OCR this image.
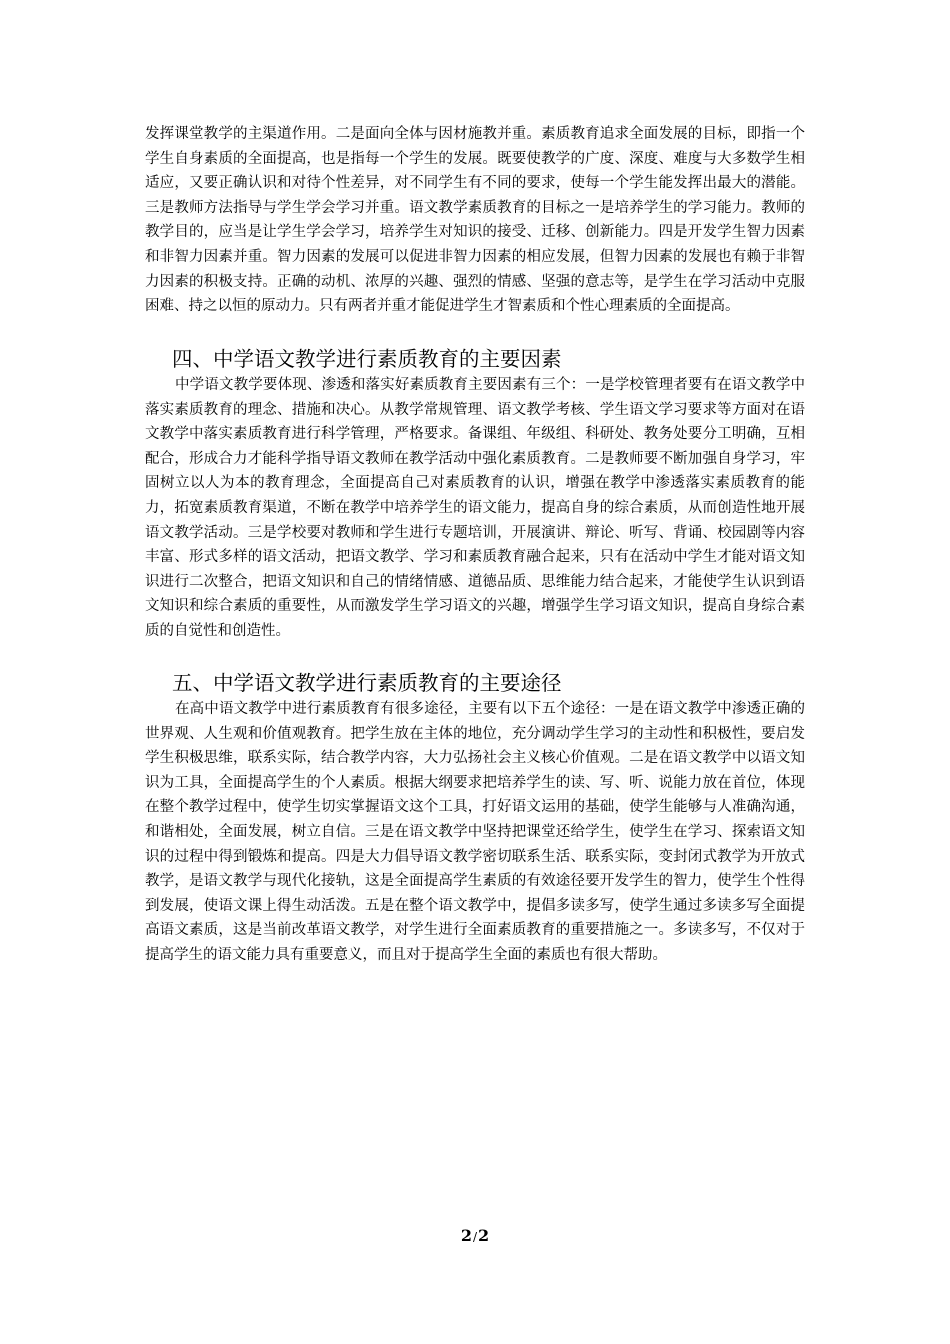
发挥课堂教学的主渠道作用。二是面向全体与因材施教并重。素质教育追求全面发展的目标，即指一个学生自身素质的全面提高，也是指每一个学生的发展。既要使教学的广度、深度、难度与大多数学生相适应，又要正确认识和对待个性差异，对不同学生有不同的要求，使每一个学生能发挥出最大的潜能。三是教师方法指导与学生学会学习并重。语文教学素质教育的目标之一是培养学生的学习能力。教师的教学目的，应当是让学生学会学习，培养学生对知识的接受、迁移、创新能力。四是开发学生智力因素和非智力因素并重。智力因素的发展可以促进非智力因素的相应发展，但智力因素的发展也有赖于非智力因素的积极支持。正确的动机、浓厚的兴趣、强烈的情感、坚强的意志等，是学生在学习活动中克服困难、持之以恒的原动力。只有两者并重才能促进学生才智素质和个性心理素质的全面提高。

四、中学语文教学进行素质教育的主要因素

中学语文教学要体现、渗透和落实好素质教育主要因素有三个：一是学校管理者要有在语文教学中落实素质教育的理念、措施和决心。从教学常规管理、语文教学考核、学生语文学习要求等方面对在语文教学中落实素质教育进行科学管理，严格要求。备课组、年级组、科研处、教务处要分工明确，互相配合，形成合力才能科学指导语文教师在教学活动中强化素质教育。二是教师要不断加强自身学习，牢固树立以人为本的教育理念，全面提高自己对素质教育的认识，增强在教学中渗透落实素质教育的能力，拓宽素质教育渠道，不断在教学中培养学生的语文能力，提高自身的综合素质，从而创造性地开展语文教学活动。三是学校要对教师和学生进行专题培训，开展演讲、辩论、听写、背诵、校园剧等内容丰富、形式多样的语文活动，把语文教学、学习和素质教育融合起来，只有在活动中学生才能对语文知识进行二次整合，把语文知识和自己的情绪情感、道德品质、思维能力结合起来，才能使学生认识到语文知识和综合素质的重要性，从而激发学生学习语文的兴趣，增强学生学习语文知识，提高自身综合素质的自觉性和创造性。

五、中学语文教学进行素质教育的主要途径

在高中语文教学中进行素质教育有很多途径，主要有以下五个途径：一是在语文教学中渗透正确的世界观、人生观和价值观教育。把学生放在主体的地位，充分调动学生学习的主动性和积极性，要启发学生积极思维，联系实际，结合教学内容，大力弘扬社会主义核心价值观。二是在语文教学中以语文知识为工具，全面提高学生的个人素质。根据大纲要求把培养学生的读、写、听、说能力放在首位，体现在整个教学过程中，使学生切实掌握语文这个工具，打好语文运用的基础，使学生能够与人准确沟通，和谐相处，全面发展，树立自信。三是在语文教学中坚持把课堂还给学生，使学生在学习、探索语文知识的过程中得到锻炼和提高。四是大力倡导语文教学密切联系生活、联系实际，变封闭式教学为开放式教学，是语文教学与现代化接轨，这是全面提高学生素质的有效途径要开发学生的智力，使学生个性得到发展，使语文课上得生动活泼。五是在整个语文教学中，提倡多读多写，使学生通过多读多写全面提高语文素质，这是当前改革语文教学，对学生进行全面素质教育的重要措施之一。多读多写，不仅对于提高学生的语文能力具有重要意义，而且对于提高学生全面的素质也有很大帮助。

2/2
